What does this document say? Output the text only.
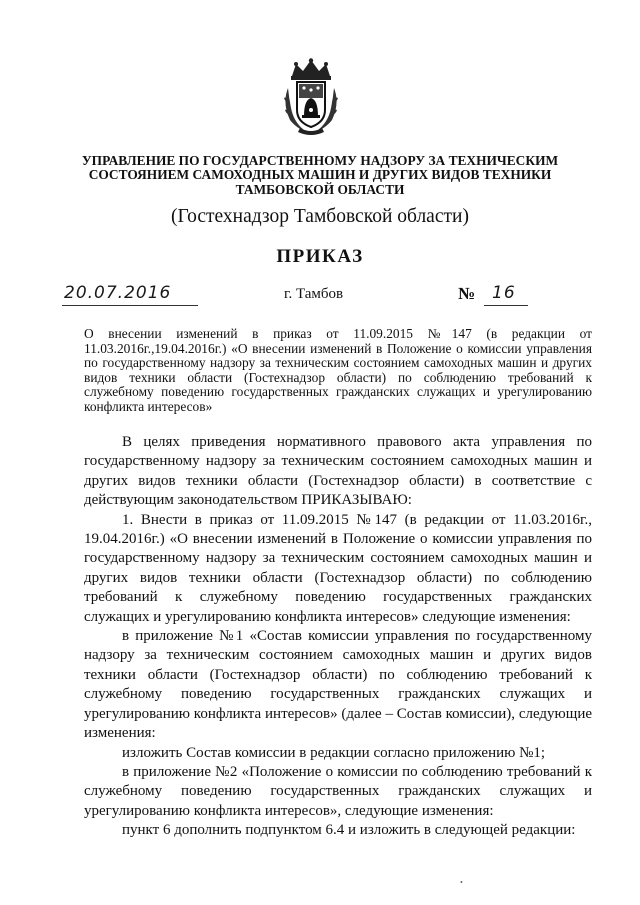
УПРАВЛЕНИЕ ПО ГОСУДАРСТВЕННОМУ НАДЗОРУ ЗА ТЕХНИЧЕСКИМ
СОСТОЯНИЕМ САМОХОДНЫХ МАШИН И ДРУГИХ ВИДОВ ТЕХНИКИ
ТАМБОВСКОЙ ОБЛАСТИ
(Гостехнадзор Тамбовской области)
ПРИКАЗ
20.07.2016	г. Тамбов	№ 16
О внесении изменений в приказ от 11.09.2015 №147 (в редакции от 11.03.2016г.,19.04.2016г.) «О внесении изменений в Положение о комиссии управления по государственному надзору за техническим состоянием самоходных машин и других видов техники области (Гостехнадзор области) по соблюдению требований к служебному поведению государственных гражданских служащих и урегулированию конфликта интересов»

В целях приведения нормативного правового акта управления по государственному надзору за техническим состоянием самоходных машин и других видов техники области (Гостехнадзор области) в соответствие с действующим законодательством ПРИКАЗЫВАЮ:

1. Внести в приказ от 11.09.2015 №147 (в редакции от 11.03.2016г., 19.04.2016г.) «О внесении изменений в Положение о комиссии управления по государственному надзору за техническим состоянием самоходных машин и других видов техники области (Гостехнадзор области) по соблюдению требований к служебному поведению государственных гражданских служащих и урегулированию конфликта интересов» следующие изменения:

в приложение №1 «Состав комиссии управления по государственному надзору за техническим состоянием самоходных машин и других видов техники области (Гостехнадзор области) по соблюдению требований к служебному поведению государственных гражданских служащих и урегулированию конфликта интересов» (далее – Состав комиссии), следующие изменения:

изложить Состав комиссии в редакции согласно приложению №1;

в приложение №2 «Положение о комиссии по соблюдению требований к служебному поведению государственных гражданских служащих и урегулированию конфликта интересов», следующие изменения:

пункт 6 дополнить подпунктом 6.4 и изложить в следующей редакции:

•
